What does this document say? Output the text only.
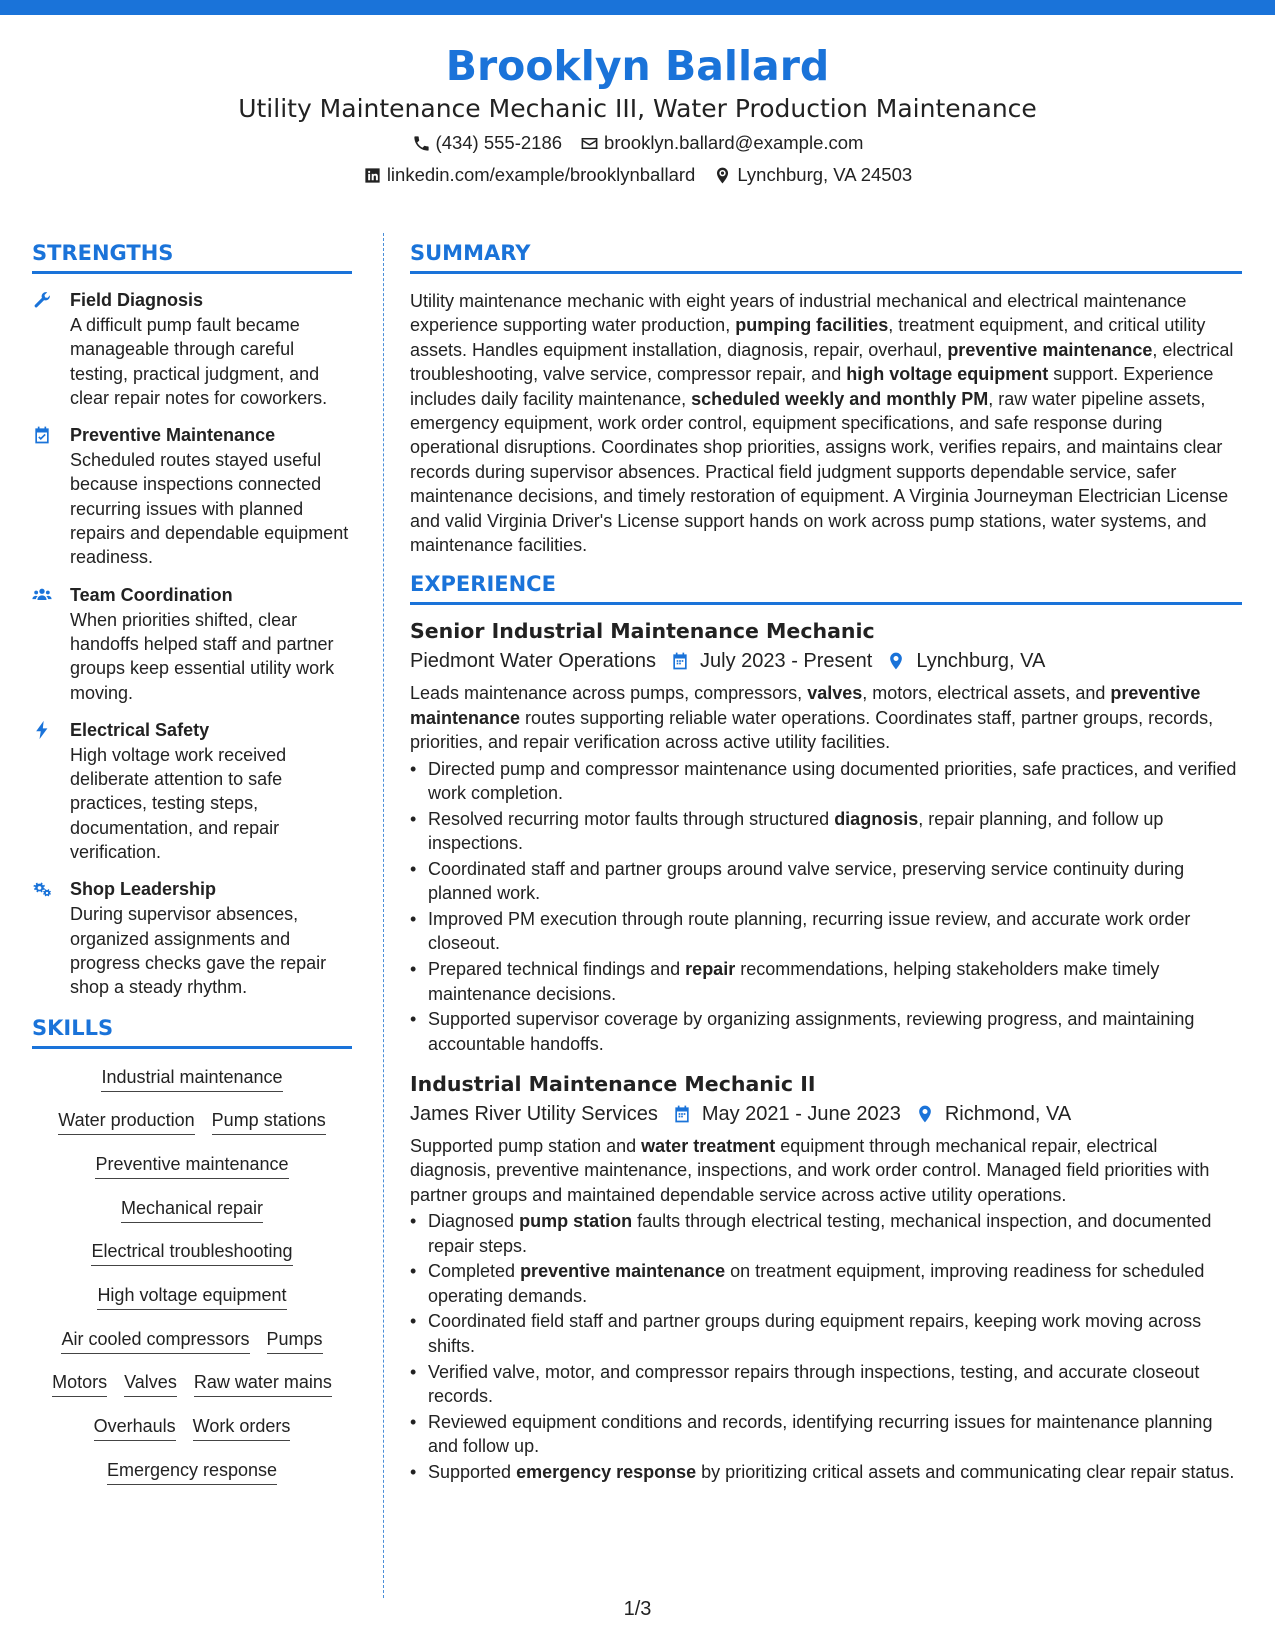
Brooklyn Ballard
Utility Maintenance Mechanic III, Water Production Maintenance
(434) 555-2186 brooklyn.ballard@example.com
linkedin.com/example/brooklynballard Lynchburg, VA 24503
STRENGTHS
Field Diagnosis
A difficult pump fault became manageable through careful testing, practical judgment, and clear repair notes for coworkers.
Preventive Maintenance
Scheduled routes stayed useful because inspections connected recurring issues with planned repairs and dependable equipment readiness.
Team Coordination
When priorities shifted, clear handoffs helped staff and partner groups keep essential utility work moving.
Electrical Safety
High voltage work received deliberate attention to safe practices, testing steps, documentation, and repair verification.
Shop Leadership
During supervisor absences, organized assignments and progress checks gave the repair shop a steady rhythm.
SKILLS
Industrial maintenance
Water production Pump stations
Preventive maintenance
Mechanical repair
Electrical troubleshooting
High voltage equipment
Air cooled compressors Pumps
Motors Valves Raw water mains
Overhauls Work orders
Emergency response
SUMMARY
Utility maintenance mechanic with eight years of industrial mechanical and electrical maintenance experience supporting water production, pumping facilities, treatment equipment, and critical utility assets. Handles equipment installation, diagnosis, repair, overhaul, preventive maintenance, electrical troubleshooting, valve service, compressor repair, and high voltage equipment support. Experience includes daily facility maintenance, scheduled weekly and monthly PM, raw water pipeline assets, emergency equipment, work order control, equipment specifications, and safe response during operational disruptions. Coordinates shop priorities, assigns work, verifies repairs, and maintains clear records during supervisor absences. Practical field judgment supports dependable service, safer maintenance decisions, and timely restoration of equipment. A Virginia Journeyman Electrician License and valid Virginia Driver's License support hands on work across pump stations, water systems, and maintenance facilities.
EXPERIENCE
Senior Industrial Maintenance Mechanic
Piedmont Water Operations July 2023 - Present Lynchburg, VA
Leads maintenance across pumps, compressors, valves, motors, electrical assets, and preventive maintenance routes supporting reliable water operations. Coordinates staff, partner groups, records, priorities, and repair verification across active utility facilities.
• Directed pump and compressor maintenance using documented priorities, safe practices, and verified work completion.
• Resolved recurring motor faults through structured diagnosis, repair planning, and follow up inspections.
• Coordinated staff and partner groups around valve service, preserving service continuity during planned work.
• Improved PM execution through route planning, recurring issue review, and accurate work order closeout.
• Prepared technical findings and repair recommendations, helping stakeholders make timely maintenance decisions.
• Supported supervisor coverage by organizing assignments, reviewing progress, and maintaining accountable handoffs.
Industrial Maintenance Mechanic II
James River Utility Services May 2021 - June 2023 Richmond, VA
Supported pump station and water treatment equipment through mechanical repair, electrical diagnosis, preventive maintenance, inspections, and work order control. Managed field priorities with partner groups and maintained dependable service across active utility operations.
• Diagnosed pump station faults through electrical testing, mechanical inspection, and documented repair steps.
• Completed preventive maintenance on treatment equipment, improving readiness for scheduled operating demands.
• Coordinated field staff and partner groups during equipment repairs, keeping work moving across shifts.
• Verified valve, motor, and compressor repairs through inspections, testing, and accurate closeout records.
• Reviewed equipment conditions and records, identifying recurring issues for maintenance planning and follow up.
• Supported emergency response by prioritizing critical assets and communicating clear repair status.
1/3
